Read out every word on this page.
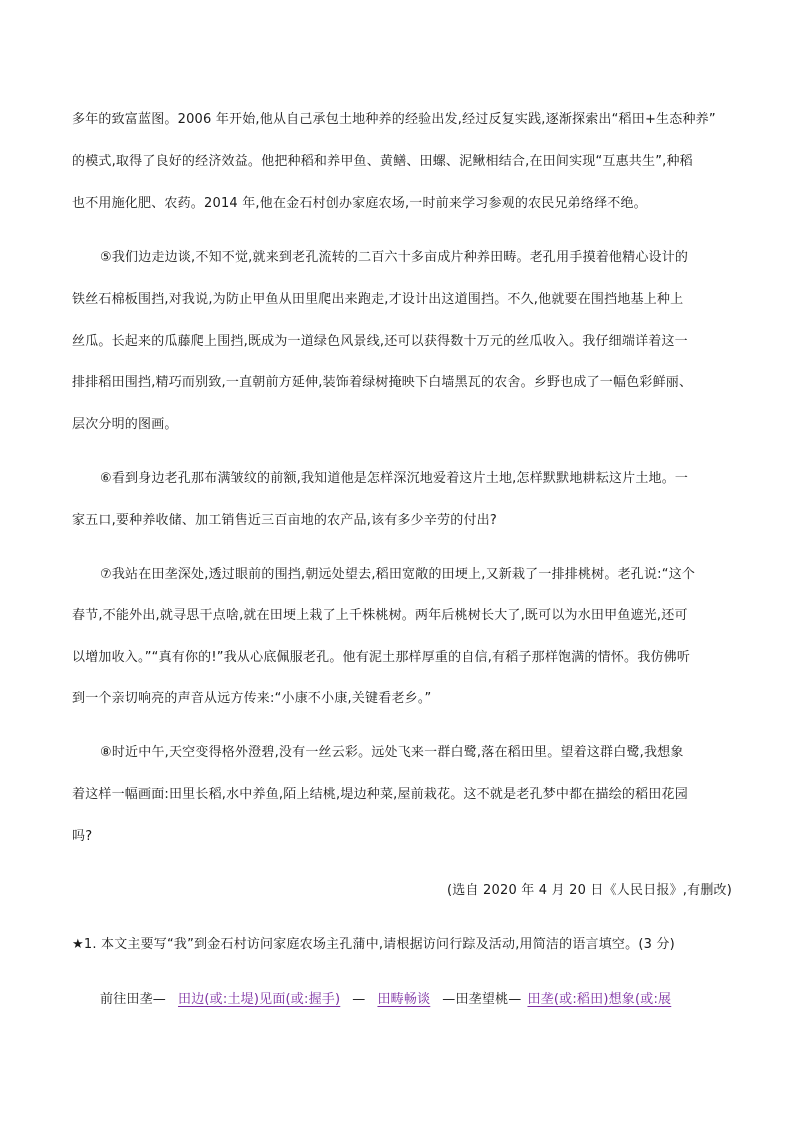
多年的致富蓝图。2006 年开始,他从自己承包土地种养的经验出发,经过反复实践,逐渐探索出“稻田+生态种养”
的模式,取得了良好的经济效益。他把种稻和养甲鱼、黄鳝、田螺、泥鳅相结合,在田间实现“互惠共生”,种稻
也不用施化肥、农药。2014 年,他在金石村创办家庭农场,一时前来学习参观的农民兄弟络绎不绝。
⑤我们边走边谈,不知不觉,就来到老孔流转的二百六十多亩成片种养田畴。老孔用手摸着他精心设计的
铁丝石棉板围挡,对我说,为防止甲鱼从田里爬出来跑走,才设计出这道围挡。不久,他就要在围挡地基上种上
丝瓜。长起来的瓜藤爬上围挡,既成为一道绿色风景线,还可以获得数十万元的丝瓜收入。我仔细端详着这一
排排稻田围挡,精巧而别致,一直朝前方延伸,装饰着绿树掩映下白墙黑瓦的农舍。乡野也成了一幅色彩鲜丽、
层次分明的图画。
⑥看到身边老孔那布满皱纹的前额,我知道他是怎样深沉地爱着这片土地,怎样默默地耕耘这片土地。一
家五口,要种养收储、加工销售近三百亩地的农产品,该有多少辛劳的付出?
⑦我站在田垄深处,透过眼前的围挡,朝远处望去,稻田宽敞的田埂上,又新栽了一排排桃树。老孔说:“这个
春节,不能外出,就寻思干点啥,就在田埂上栽了上千株桃树。两年后桃树长大了,既可以为水田甲鱼遮光,还可
以增加收入。”“真有你的!”我从心底佩服老孔。他有泥土那样厚重的自信,有稻子那样饱满的情怀。我仿佛听
到一个亲切响亮的声音从远方传来:“小康不小康,关键看老乡。”
⑧时近中午,天空变得格外澄碧,没有一丝云彩。远处飞来一群白鹭,落在稻田里。望着这群白鹭,我想象
着这样一幅画面:田里长稻,水中养鱼,陌上结桃,堤边种菜,屋前栽花。这不就是老孔梦中都在描绘的稻田花园
吗?
(选自 2020 年 4 月 20 日《人民日报》,有删改)
★1. 本文主要写“我”到金石村访问家庭农场主孔蒲中,请根据访问行踪及活动,用简洁的语言填空。(3 分)
前往田垄— 田边(或:土堤)见面(或:握手) — 田畴畅谈 —田垄望桃— 田垄(或:稻田)想象(或:展
